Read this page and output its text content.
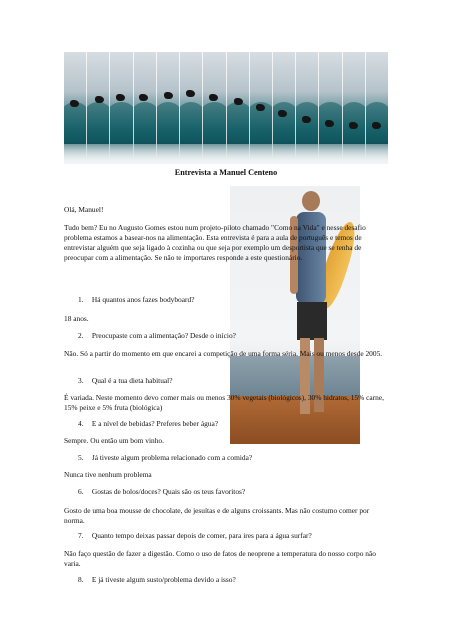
Entrevista a Manuel Centeno

Olá, Manuel!

Tudo bem? Eu no Augusto Gomes estou num projeto-piloto chamado "Como na Vida" e nesse desafio problema estamos a basear-nos na alimentação. Esta entrevista é para a aula de português e temos de entrevistar alguém que seja ligado à cozinha ou que seja por exemplo um desportista que se tenha de preocupar com a alimentação. Se não te importares responde a este questionário.

1. Há quantos anos fazes bodyboard?

18 anos.

2. Preocupaste com a alimentação? Desde o início?

Não. Só a partir do momento em que encarei a competição de uma forma séria. Mais ou menos desde 2005.

3. Qual é a tua dieta habitual?

É variada. Neste momento devo comer mais ou menos 30% vegetais (biológicos), 30% hidratos, 15% carne, 15% peixe e 5% fruta (biológica)

4. E a nível de bebidas? Preferes beber água?

Sempre. Ou então um bom vinho.

5. Já tiveste algum problema relacionado com a comida?

Nunca tive nenhum problema

6. Gostas de bolos/doces? Quais são os teus favoritos?

Gosto de uma boa mousse de chocolate, de jesuítas e de alguns croissants. Mas não costumo comer por norma.

7. Quanto tempo deixas passar depois de comer, para ires para a água surfar?

Não faço questão de fazer a digestão. Como o uso de fatos de neoprene a temperatura do nosso corpo não varia.

8. E já tiveste algum susto/problema devido a isso?
